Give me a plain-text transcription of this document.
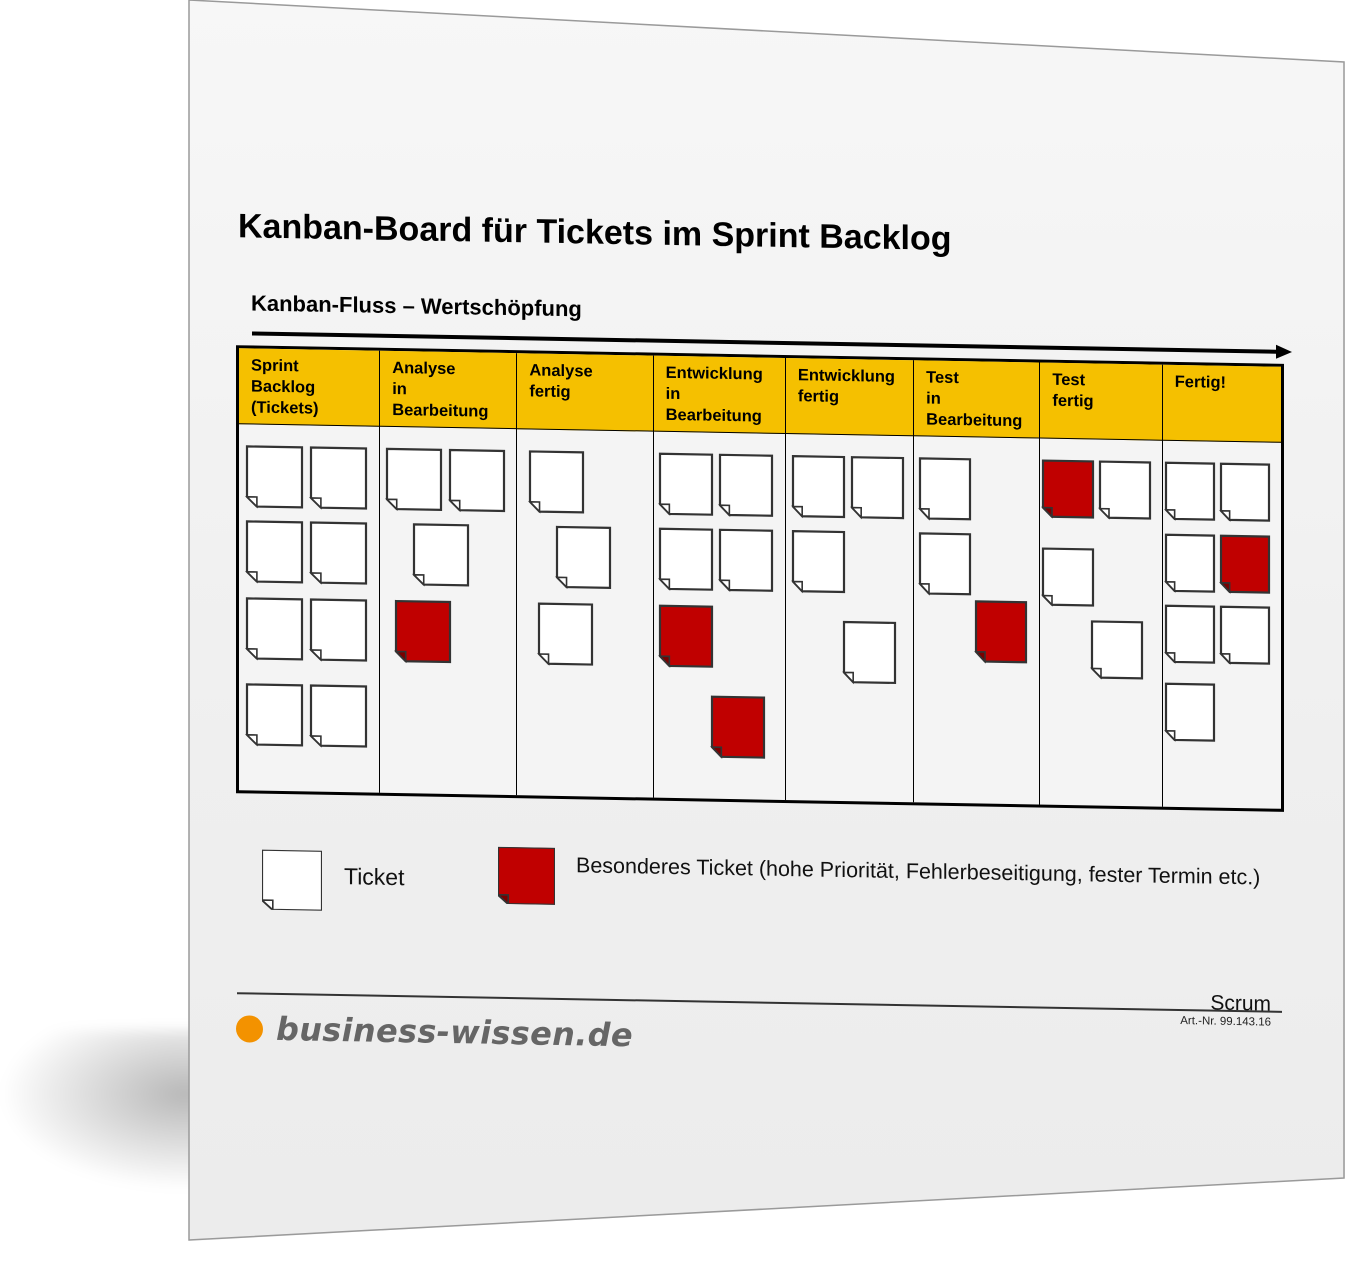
Kanban-Board für Tickets im Sprint Backlog
Kanban-Fluss – Wertschöpfung
Sprint
Backlog
(Tickets)
Analyse
in
Bearbeitung
Analyse
fertig
Entwicklung
in
Bearbeitung
Entwicklung
fertig
Test
in
Bearbeitung
Test
fertig
Fertig!
Ticket	Besonderes Ticket (hohe Priorität, Fehlerbeseitigung, fester Termin etc.)
business-wissen.de
Scrum
Art.-Nr. 99.143.16
